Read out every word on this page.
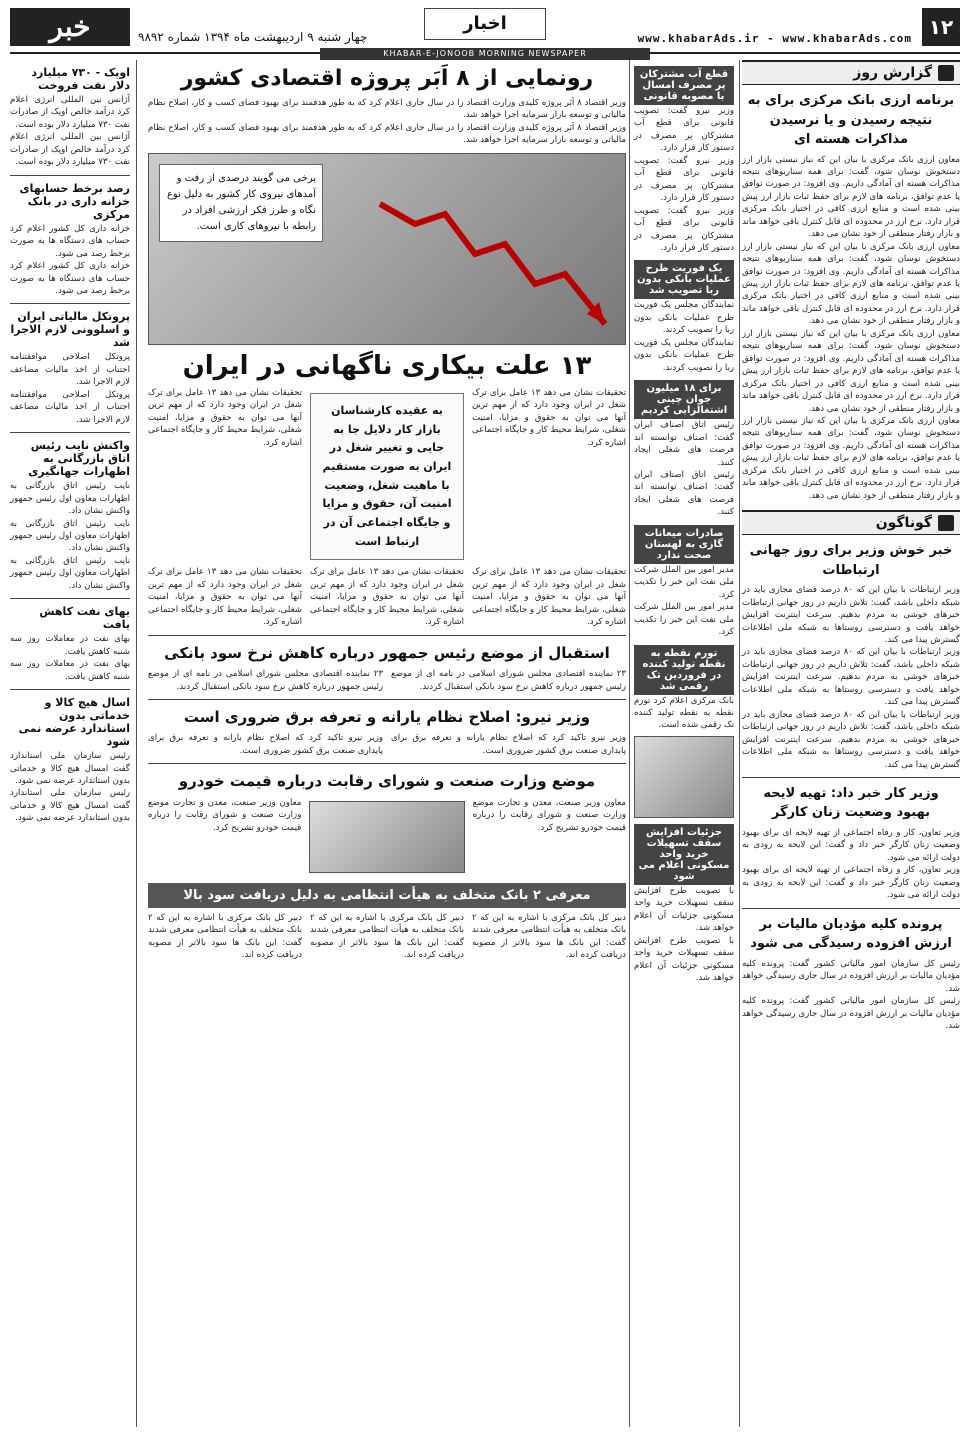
۱۲
www.khabarAds.ir - www.khabarAds.com
اخبار
خبر	چهار شنبه ۹ اردیبهشت ماه ۱۳۹۴ شماره ۹۸۹۲
KHABAR-E-JONOOB MORNING NEWSPAPER
گزارش روز
برنامه ارزی بانک مرکزی برای به نتیجه رسیدن و یا نرسیدن مذاکرات هسته ای
معاون ارزی بانک مرکزی با بیان این که نیاز نیستی بازار ارز دستخوش نوسان شود، گفت: برای همه سناریوهای نتیجه مذاکرات هسته ای آمادگی داریم. وی افزود: در صورت توافق یا عدم توافق، برنامه های لازم برای حفظ ثبات بازار ارز پیش بینی شده است و منابع ارزی کافی در اختیار بانک مرکزی قرار دارد. نرخ ارز در محدوده ای قابل کنترل باقی خواهد ماند و بازار رفتار منطقی از خود نشان می دهد.
معاون ارزی بانک مرکزی با بیان این که نیاز نیستی بازار ارز دستخوش نوسان شود، گفت: برای همه سناریوهای نتیجه مذاکرات هسته ای آمادگی داریم. وی افزود: در صورت توافق یا عدم توافق، برنامه های لازم برای حفظ ثبات بازار ارز پیش بینی شده است و منابع ارزی کافی در اختیار بانک مرکزی قرار دارد. نرخ ارز در محدوده ای قابل کنترل باقی خواهد ماند و بازار رفتار منطقی از خود نشان می دهد.
معاون ارزی بانک مرکزی با بیان این که نیاز نیستی بازار ارز دستخوش نوسان شود، گفت: برای همه سناریوهای نتیجه مذاکرات هسته ای آمادگی داریم. وی افزود: در صورت توافق یا عدم توافق، برنامه های لازم برای حفظ ثبات بازار ارز پیش بینی شده است و منابع ارزی کافی در اختیار بانک مرکزی قرار دارد. نرخ ارز در محدوده ای قابل کنترل باقی خواهد ماند و بازار رفتار منطقی از خود نشان می دهد.
معاون ارزی بانک مرکزی با بیان این که نیاز نیستی بازار ارز دستخوش نوسان شود، گفت: برای همه سناریوهای نتیجه مذاکرات هسته ای آمادگی داریم. وی افزود: در صورت توافق یا عدم توافق، برنامه های لازم برای حفظ ثبات بازار ارز پیش بینی شده است و منابع ارزی کافی در اختیار بانک مرکزی قرار دارد. نرخ ارز در محدوده ای قابل کنترل باقی خواهد ماند و بازار رفتار منطقی از خود نشان می دهد.
گوناگون
خبر خوش وزیر برای روز جهانی ارتباطات
وزیر ارتباطات با بیان این که ۸۰ درصد فضای مجازی باید در شبکه داخلی باشد، گفت: تلاش داریم در روز جهانی ارتباطات خبرهای خوشی به مردم بدهیم. سرعت اینترنت افزایش خواهد یافت و دسترسی روستاها به شبکه ملی اطلاعات گسترش پیدا می کند.
وزیر ارتباطات با بیان این که ۸۰ درصد فضای مجازی باید در شبکه داخلی باشد، گفت: تلاش داریم در روز جهانی ارتباطات خبرهای خوشی به مردم بدهیم. سرعت اینترنت افزایش خواهد یافت و دسترسی روستاها به شبکه ملی اطلاعات گسترش پیدا می کند.
وزیر ارتباطات با بیان این که ۸۰ درصد فضای مجازی باید در شبکه داخلی باشد، گفت: تلاش داریم در روز جهانی ارتباطات خبرهای خوشی به مردم بدهیم. سرعت اینترنت افزایش خواهد یافت و دسترسی روستاها به شبکه ملی اطلاعات گسترش پیدا می کند.
وزیر کار خبر داد: تهیه لایحه بهبود وضعیت زنان کارگر
وزیر تعاون، کار و رفاه اجتماعی از تهیه لایحه ای برای بهبود وضعیت زنان کارگر خبر داد و گفت: این لایحه به زودی به دولت ارائه می شود.
وزیر تعاون، کار و رفاه اجتماعی از تهیه لایحه ای برای بهبود وضعیت زنان کارگر خبر داد و گفت: این لایحه به زودی به دولت ارائه می شود.
پرونده کلیه مؤدیان مالیات بر ارزش افزوده رسیدگی می شود
رئیس کل سازمان امور مالیاتی کشور گفت: پرونده کلیه مؤدیان مالیات بر ارزش افزوده در سال جاری رسیدگی خواهد شد.
رئیس کل سازمان امور مالیاتی کشور گفت: پرونده کلیه مؤدیان مالیات بر ارزش افزوده در سال جاری رسیدگی خواهد شد.
قطع آب مشترکان پر مصرف امسال با مصوبه قانونی
وزیر نیرو گفت: تصویب قانونی برای قطع آب مشترکان پر مصرف در دستور کار قرار دارد.
وزیر نیرو گفت: تصویب قانونی برای قطع آب مشترکان پر مصرف در دستور کار قرار دارد.
وزیر نیرو گفت: تصویب قانونی برای قطع آب مشترکان پر مصرف در دستور کار قرار دارد.
یک فوریت طرح عملیات بانکی بدون ربا تصویب شد
نمایندگان مجلس یک فوریت طرح عملیات بانکی بدون ربا را تصویب کردند.
نمایندگان مجلس یک فوریت طرح عملیات بانکی بدون ربا را تصویب کردند.
برای ۱۸ میلیون جوان چینی اشتغالزایی کردیم
رئیس اتاق اصناف ایران گفت: اصناف توانسته اند فرصت های شغلی ایجاد کنند.
رئیس اتاق اصناف ایران گفت: اصناف توانسته اند فرصت های شغلی ایجاد کنند.
صادرات میعانات گازی به لهستان صحت ندارد
مدیر امور بین الملل شرکت ملی نفت این خبر را تکذیب کرد.
مدیر امور بین الملل شرکت ملی نفت این خبر را تکذیب کرد.
تورم نقطه به نقطه تولید کننده در فروردین تک رقمی شد
بانک مرکزی اعلام کرد تورم نقطه به نقطه تولید کننده تک رقمی شده است.
جزئیات افزایش سقف تسهیلات خرید واحد مسکونی اعلام می شود
با تصویب طرح افزایش سقف تسهیلات خرید واحد مسکونی جزئیات آن اعلام خواهد شد.
با تصویب طرح افزایش سقف تسهیلات خرید واحد مسکونی جزئیات آن اعلام خواهد شد.
رونمایی از ۸ اَبَر پروژه اقتصادی کشور
وزیر اقتصاد ۸ اَبَر پروژه کلیدی وزارت اقتصاد را در سال جاری اعلام کرد که به طور هدفمند برای بهبود فضای کسب و کار، اصلاح نظام مالیاتی و توسعه بازار سرمایه اجرا خواهد شد.
وزیر اقتصاد ۸ اَبَر پروژه کلیدی وزارت اقتصاد را در سال جاری اعلام کرد که به طور هدفمند برای بهبود فضای کسب و کار، اصلاح نظام مالیاتی و توسعه بازار سرمایه اجرا خواهد شد.
برخی می گویند درصدی از رفت و آمدهای نیروی کار کشور به دلیل نوع نگاه و طرز فکر ارزشی افراد در رابطه با نیروهای کاری است.
۱۳ علت بیکاری ناگهانی در ایران
تحقیقات نشان می دهد ۱۳ عامل برای ترک شغل در ایران وجود دارد که از مهم ترین آنها می توان به حقوق و مزایا، امنیت شغلی، شرایط محیط کار و جایگاه اجتماعی اشاره کرد.
به عقیده کارشناسان بازار کار دلایل جا به جایی و تغییر شغل در ایران به صورت مستقیم با ماهیت شغل، وضعیت امنیت آن، حقوق و مزایا و جایگاه اجتماعی آن در ارتباط است
تحقیقات نشان می دهد ۱۳ عامل برای ترک شغل در ایران وجود دارد که از مهم ترین آنها می توان به حقوق و مزایا، امنیت شغلی، شرایط محیط کار و جایگاه اجتماعی اشاره کرد.
تحقیقات نشان می دهد ۱۳ عامل برای ترک شغل در ایران وجود دارد که از مهم ترین آنها می توان به حقوق و مزایا، امنیت شغلی، شرایط محیط کار و جایگاه اجتماعی اشاره کرد.
تحقیقات نشان می دهد ۱۳ عامل برای ترک شغل در ایران وجود دارد که از مهم ترین آنها می توان به حقوق و مزایا، امنیت شغلی، شرایط محیط کار و جایگاه اجتماعی اشاره کرد.
تحقیقات نشان می دهد ۱۳ عامل برای ترک شغل در ایران وجود دارد که از مهم ترین آنها می توان به حقوق و مزایا، امنیت شغلی، شرایط محیط کار و جایگاه اجتماعی اشاره کرد.
استقبال از موضع رئیس جمهور درباره کاهش نرخ سود بانکی
۲۳ نماینده اقتصادی مجلس شورای اسلامی در نامه ای از موضع رئیس جمهور درباره کاهش نرخ سود بانکی استقبال کردند.
۲۳ نماینده اقتصادی مجلس شورای اسلامی در نامه ای از موضع رئیس جمهور درباره کاهش نرخ سود بانکی استقبال کردند.
وزیر نیرو: اصلاح نظام یارانه و تعرفه برق ضروری است
وزیر نیرو تاکید کرد که اصلاح نظام یارانه و تعرفه برق برای پایداری صنعت برق کشور ضروری است.
وزیر نیرو تاکید کرد که اصلاح نظام یارانه و تعرفه برق برای پایداری صنعت برق کشور ضروری است.
موضع وزارت صنعت و شورای رقابت درباره قیمت خودرو
معاون وزیر صنعت، معدن و تجارت موضع وزارت صنعت و شورای رقابت را درباره قیمت خودرو تشریح کرد.
معاون وزیر صنعت، معدن و تجارت موضع وزارت صنعت و شورای رقابت را درباره قیمت خودرو تشریح کرد.
معرفی ۲ بانک متخلف به هیأت انتظامی به دلیل دریافت سود بالا
دبیر کل بانک مرکزی با اشاره به این که ۲ بانک متخلف به هیأت انتظامی معرفی شدند گفت: این بانک ها سود بالاتر از مصوبه دریافت کرده اند.
دبیر کل بانک مرکزی با اشاره به این که ۲ بانک متخلف به هیأت انتظامی معرفی شدند گفت: این بانک ها سود بالاتر از مصوبه دریافت کرده اند.
دبیر کل بانک مرکزی با اشاره به این که ۲ بانک متخلف به هیأت انتظامی معرفی شدند گفت: این بانک ها سود بالاتر از مصوبه دریافت کرده اند.
اوپک - ۷۳۰ میلیارد دلار نفت فروخت
آژانس بین المللی انرژی اعلام کرد درآمد خالص اوپک از صادرات نفت ۷۳۰ میلیارد دلار بوده است.
آژانس بین المللی انرژی اعلام کرد درآمد خالص اوپک از صادرات نفت ۷۳۰ میلیارد دلار بوده است.
رصد برخط حسابهای خزانه داری در بانک مرکزی
خزانه داری کل کشور اعلام کرد حساب های دستگاه ها به صورت برخط رصد می شود.
خزانه داری کل کشور اعلام کرد حساب های دستگاه ها به صورت برخط رصد می شود.
پروتکل مالیاتی ایران و اسلوونی لازم الاجرا شد
پروتکل اصلاحی موافقتنامه اجتناب از اخذ مالیات مضاعف لازم الاجرا شد.
پروتکل اصلاحی موافقتنامه اجتناب از اخذ مالیات مضاعف لازم الاجرا شد.
واکنش نایب رئیس اتاق بازرگانی به اظهارات جهانگیری
نایب رئیس اتاق بازرگانی به اظهارات معاون اول رئیس جمهور واکنش نشان داد.
نایب رئیس اتاق بازرگانی به اظهارات معاون اول رئیس جمهور واکنش نشان داد.
نایب رئیس اتاق بازرگانی به اظهارات معاون اول رئیس جمهور واکنش نشان داد.
بهای نفت کاهش یافت
بهای نفت در معاملات روز سه شنبه کاهش یافت.
بهای نفت در معاملات روز سه شنبه کاهش یافت.
اسال هیچ کالا و خدماتی بدون استاندارد عرضه نمی شود
رئیس سازمان ملی استاندارد گفت امسال هیچ کالا و خدماتی بدون استاندارد عرضه نمی شود.
رئیس سازمان ملی استاندارد گفت امسال هیچ کالا و خدماتی بدون استاندارد عرضه نمی شود.
